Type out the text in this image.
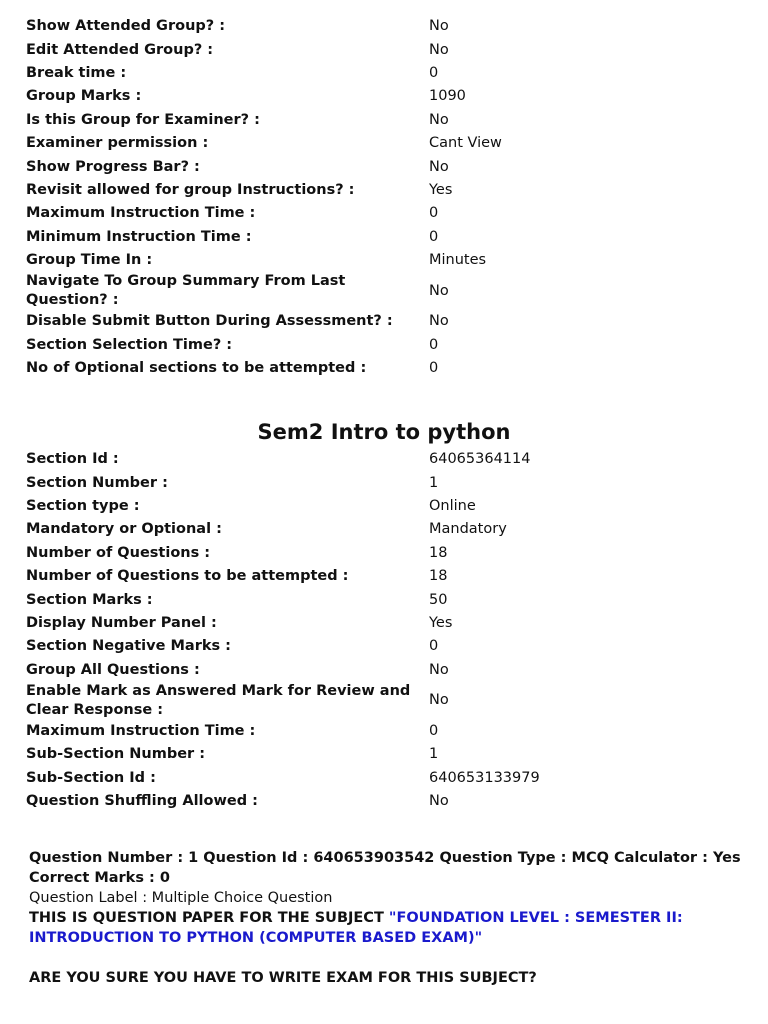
Show Attended Group? :	No
Edit Attended Group? :	No
Break time :	0
Group Marks :	1090
Is this Group for Examiner? :	No
Examiner permission :	Cant View
Show Progress Bar? :	No
Revisit allowed for group Instructions? :	Yes
Maximum Instruction Time :	0
Minimum Instruction Time :	0
Group Time In :	Minutes
Navigate To Group Summary From Last Question? :	No
Disable Submit Button During Assessment? :	No
Section Selection Time? :	0
No of Optional sections to be attempted :	0
Sem2 Intro to python
Section Id :	64065364114
Section Number :	1
Section type :	Online
Mandatory or Optional :	Mandatory
Number of Questions :	18
Number of Questions to be attempted :	18
Section Marks :	50
Display Number Panel :	Yes
Section Negative Marks :	0
Group All Questions :	No
Enable Mark as Answered Mark for Review and Clear Response :	No
Maximum Instruction Time :	0
Sub-Section Number :	1
Sub-Section Id :	640653133979
Question Shuffling Allowed :	No

Question Number : 1 Question Id : 640653903542 Question Type : MCQ Calculator : Yes

Correct Marks : 0

Question Label : Multiple Choice Question

THIS IS QUESTION PAPER FOR THE SUBJECT "FOUNDATION LEVEL : SEMESTER II: INTRODUCTION TO PYTHON (COMPUTER BASED EXAM)"

ARE YOU SURE YOU HAVE TO WRITE EXAM FOR THIS SUBJECT?
